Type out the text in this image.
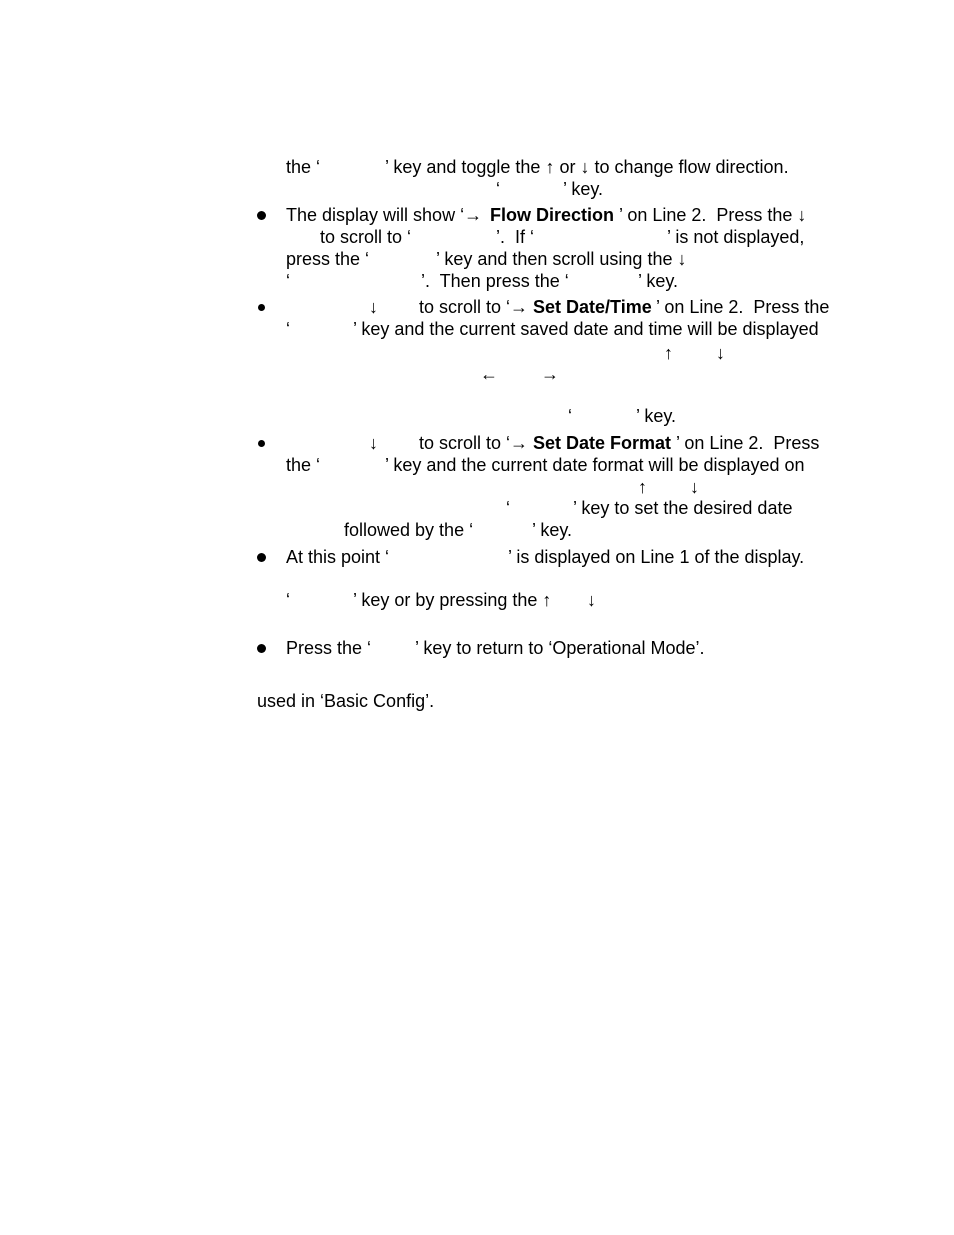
the ‘	’ key and toggle the ↑ or ↓ to change flow direction.
‘	’ key.
The display will show ‘→ Flow Direction ’ on Line 2.  Press the ↓
to scroll to ‘	’.  If ‘	’ is not displayed,
press the ‘	’ key and then scroll using the ↓
‘	’.  Then press the ‘	’ key.
↓ to scroll to ‘→ Set Date/Time ’ on Line 2.  Press the
‘	’ key and the current saved date and time will be displayed
↑ ↓
← →
‘	’ key.
↓ to scroll to ‘→ Set Date Format ’ on Line 2.  Press
the ‘	’ key and the current date format will be displayed on
↑ ↓
‘	’ key to set the desired date
followed by the ‘	’ key.
At this point ‘	’ is displayed on Line 1 of the display.
‘	’ key or by pressing the ↑ ↓
Press the ‘ ’ key to return to ‘Operational Mode’.
used in ‘Basic Config’.
